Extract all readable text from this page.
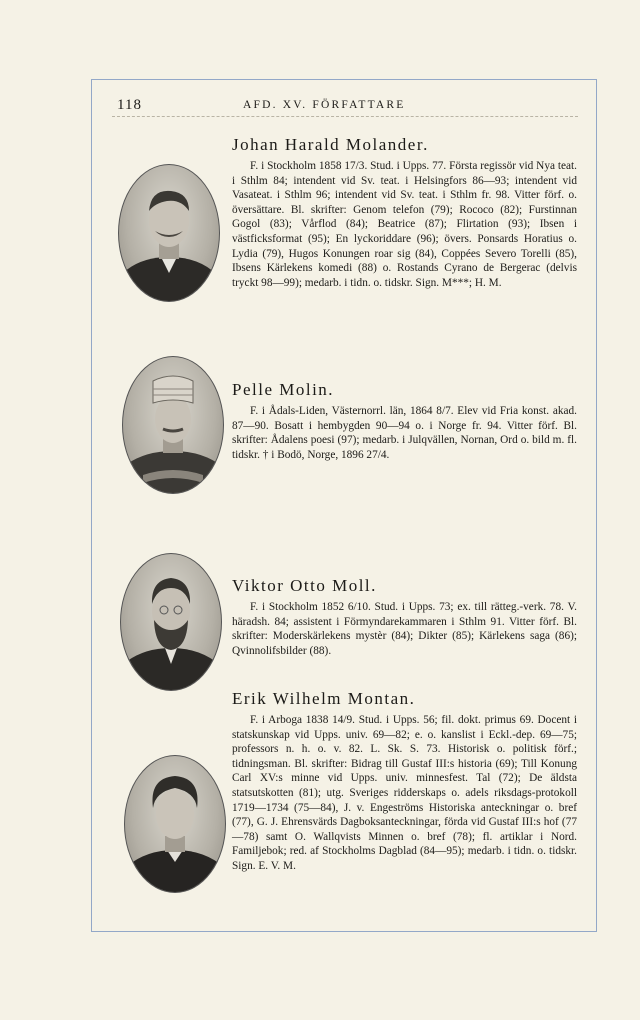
118	AFD. XV. FÖRFATTARE
Johan Harald Molander.

F. i Stockholm 1858 17/3. Stud. i Upps. 77. Första regissör vid Nya teat. i Sthlm 84; intendent vid Sv. teat. i Helsingfors 86—93; intendent vid Vasateat. i Sthlm 96; intendent vid Sv. teat. i Sthlm fr. 98. Vitter förf. o. översättare. Bl. skrifter: Genom telefon (79); Rococo (82); Furstinnan Gogol (83); Vårflod (84); Beatrice (87); Flirtation (93); Ibsen i västficksformat (95); En lyckoriddare (96); övers. Ponsards Horatius o. Lydia (79), Hugos Konungen roar sig (84), Coppées Severo Torelli (85), Ibsens Kärlekens komedi (88) o. Rostands Cyrano de Bergerac (delvis tryckt 98—99); medarb. i tidn. o. tidskr. Sign. M***; H. M.

Pelle Molin.

F. i Ådals-Liden, Västernorrl. län, 1864 8/7. Elev vid Fria konst. akad. 87—90. Bosatt i hembygden 90—94 o. i Norge fr. 94. Vitter förf. Bl. skrifter: Ådalens poesi (97); medarb. i Julqvällen, Nornan, Ord o. bild m. fl. tidskr. † i Bodö, Norge, 1896 27/4.

Viktor Otto Moll.

F. i Stockholm 1852 6/10. Stud. i Upps. 73; ex. till rätteg.-verk. 78. V. häradsh. 84; assistent i Förmyndarekammaren i Sthlm 91. Vitter förf. Bl. skrifter: Moderskärlekens mystèr (84); Dikter (85); Kärlekens saga (86); Qvinnolifsbilder (88).

Erik Wilhelm Montan.

F. i Arboga 1838 14/9. Stud. i Upps. 56; fil. dokt. primus 69. Docent i statskunskap vid Upps. univ. 69—82; e. o. kanslist i Eckl.-dep. 69—75; professors n. h. o. v. 82. L. Sk. S. 73. Historisk o. politisk förf.; tidningsman. Bl. skrifter: Bidrag till Gustaf III:s historia (69); Till Konung Carl XV:s minne vid Upps. univ. minnesfest. Tal (72); De äldsta statsutskotten (81); utg. Sveriges ridderskaps o. adels riksdags-protokoll 1719—1734 (75—84), J. v. Engeströms Historiska anteckningar o. bref (77), G. J. Ehrensvärds Dagboksanteckningar, förda vid Gustaf III:s hof (77—78) samt O. Wallqvists Minnen o. bref (78); fl. artiklar i Nord. Familjebok; red. af Stockholms Dagblad (84—95); medarb. i tidn. o. tidskr. Sign. E. V. M.
